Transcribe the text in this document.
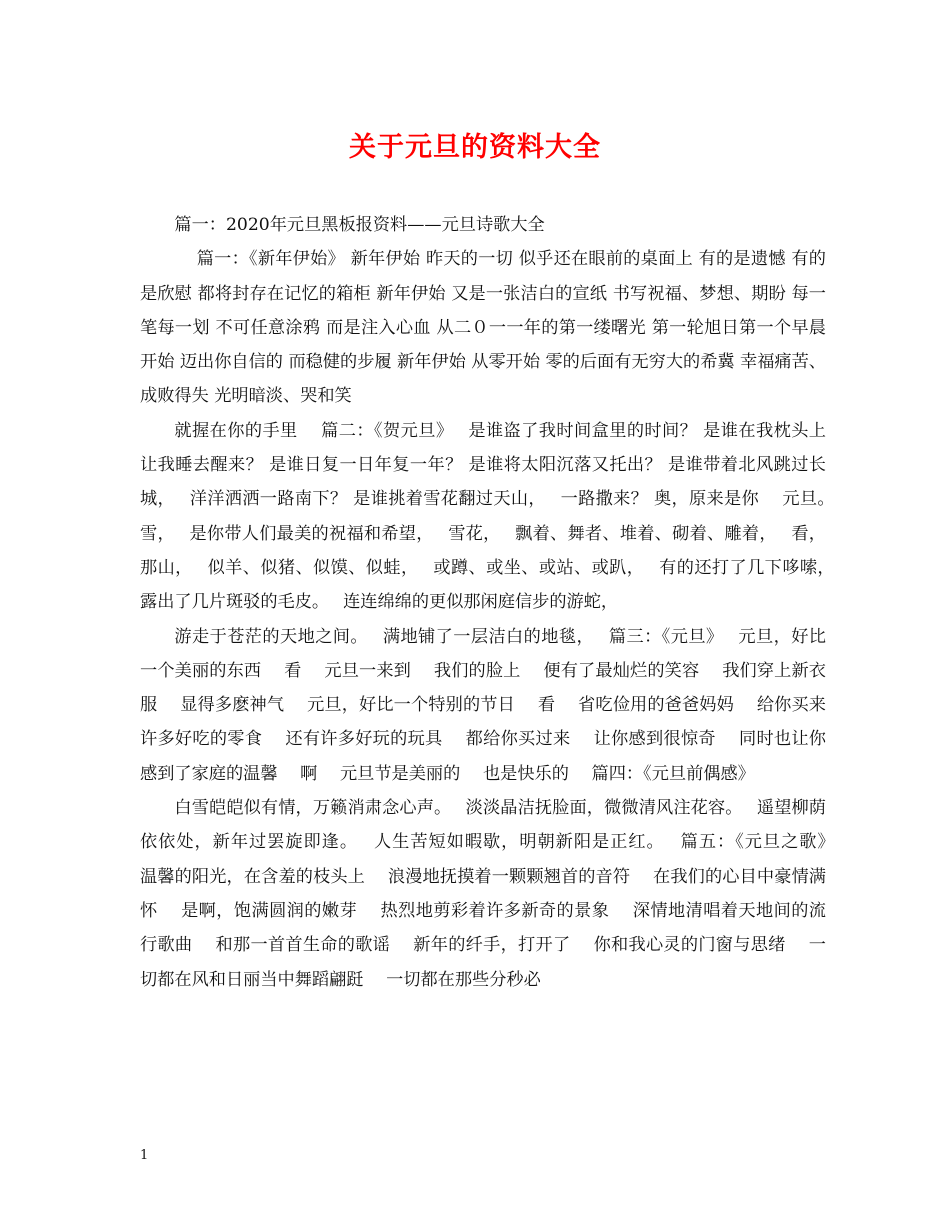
关于元旦的资料大全

篇一：2020年元旦黑板报资料——元旦诗歌大全

篇一：《新年伊始》 新年伊始 昨天的一切 似乎还在眼前的桌面上 有的是遗憾 有的是欣慰 都将封存在记忆的箱柜 新年伊始 又是一张洁白的宣纸 书写祝福、梦想、期盼 每一笔每一划 不可任意涂鸦 而是注入心血 从二０一一年的第一缕曙光 第一轮旭日第一个早晨开始 迈出你自信的 而稳健的步履 新年伊始 从零开始 零的后面有无穷大的希冀 幸福痛苦、成败得失 光明暗淡、哭和笑

就握在你的手里　 篇二：《贺元旦》　 是谁盗了我时间盒里的时间？ 是谁在我枕头上让我睡去醒来？ 是谁日复一日年复一年？ 是谁将太阳沉落又托出？ 是谁带着北风跳过长城，　 洋洋洒洒一路南下？ 是谁挑着雪花翻过天山，　 一路撒来？ 奥，原来是你　 元旦。　 雪，　 是你带人们最美的祝福和希望，　 雪花，　 飘着、舞者、堆着、砌着、雕着，　 看，那山，　 似羊、似猪、似馍、似蛙，　 或蹲、或坐、或站、或趴，　 有的还打了几下哆嗦，　 露出了几片斑驳的毛皮。　 连连绵绵的更似那闲庭信步的游蛇，

游走于苍茫的天地之间。　 满地铺了一层洁白的地毯，　 篇三：《元旦》　 元旦，好比一个美丽的东西　 看　 元旦一来到　 我们的脸上　 便有了最灿烂的笑容　 我们穿上新衣服　 显得多麽神气　 元旦，好比一个特别的节日　 看　 省吃俭用的爸爸妈妈　 给你买来许多好吃的零食　 还有许多好玩的玩具　 都给你买过来　 让你感到很惊奇　 同时也让你感到了家庭的温馨　 啊　 元旦节是美丽的　 也是快乐的　 篇四：《元旦前偶感》

白雪皑皑似有情，万籁消肃念心声。　 淡淡晶洁抚脸面，微微清风注花容。　 遥望柳荫依依处，新年过罢旋即逢。　 人生苦短如暇歇，明朝新阳是正红。　 篇五：《元旦之歌》　 温馨的阳光，在含羞的枝头上　 浪漫地抚摸着一颗颗翘首的音符　 在我们的心目中豪情满怀　 是啊，饱满圆润的嫩芽　 热烈地剪彩着许多新奇的景象　 深情地清唱着天地间的流行歌曲　 和那一首首生命的歌谣　 新年的纤手，打开了　 你和我心灵的门窗与思绪　 一切都在风和日丽当中舞蹈翩跹　 一切都在那些分秒必

1
